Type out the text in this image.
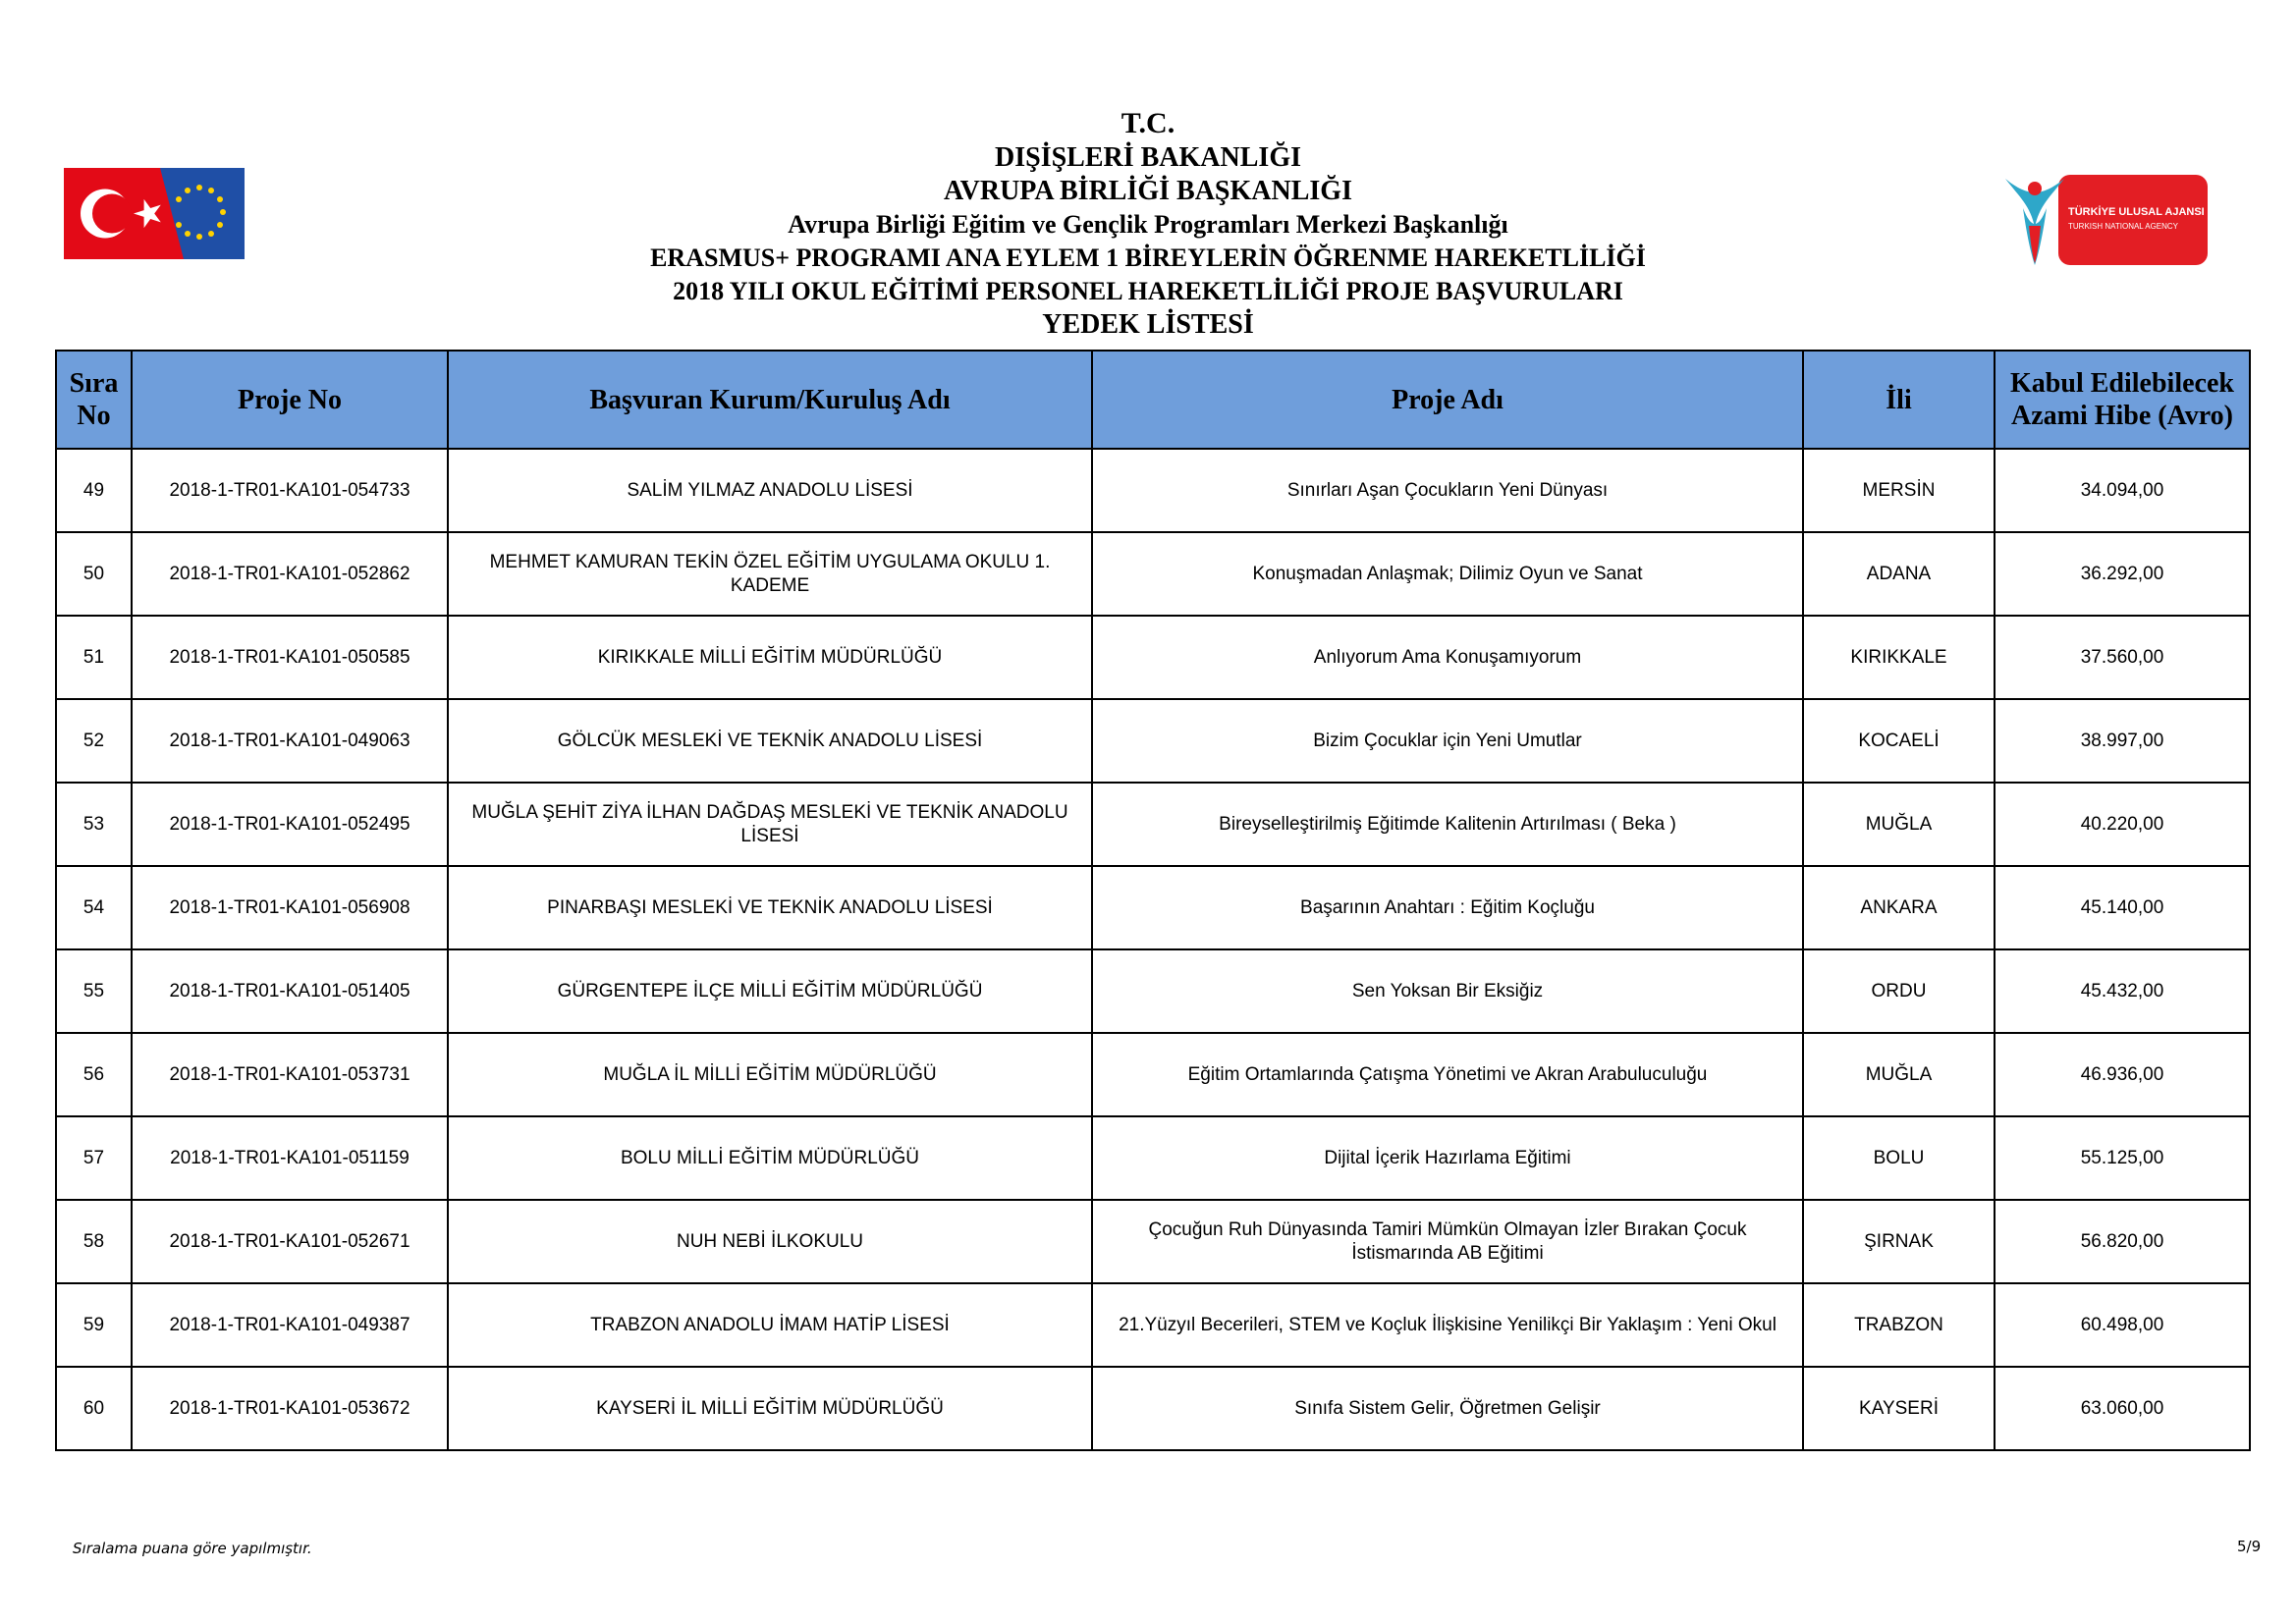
T.C.
DIŞİŞLERİ BAKANLIĞI
AVRUPA BİRLİĞİ BAŞKANLIĞI
Avrupa Birliği Eğitim ve Gençlik Programları Merkezi Başkanlığı
ERASMUS+ PROGRAMI ANA EYLEM 1 BİREYLERİN ÖĞRENME HAREKETLİLİĞİ
2018 YILI OKUL EĞİTİMİ PERSONEL HAREKETLİLİĞİ PROJE BAŞVURULARI
YEDEK LİSTESİ
TÜRKİYE ULUSAL AJANSI
TURKISH NATIONAL AGENCY
Sıra No	Proje No	Başvuran Kurum/Kuruluş Adı	Proje Adı	İli	Kabul Edilebilecek Azami Hibe (Avro)
49	2018-1-TR01-KA101-054733	SALİM YILMAZ ANADOLU LİSESİ	Sınırları Aşan Çocukların Yeni Dünyası	MERSİN	34.094,00
50	2018-1-TR01-KA101-052862	MEHMET KAMURAN TEKİN ÖZEL EĞİTİM UYGULAMA OKULU 1. KADEME	Konuşmadan Anlaşmak; Dilimiz Oyun ve Sanat	ADANA	36.292,00
51	2018-1-TR01-KA101-050585	KIRIKKALE MİLLİ EĞİTİM MÜDÜRLÜĞÜ	Anlıyorum Ama Konuşamıyorum	KIRIKKALE	37.560,00
52	2018-1-TR01-KA101-049063	GÖLCÜK MESLEKİ VE TEKNİK ANADOLU LİSESİ	Bizim Çocuklar için Yeni Umutlar	KOCAELİ	38.997,00
53	2018-1-TR01-KA101-052495	MUĞLA ŞEHİT ZİYA İLHAN DAĞDAŞ MESLEKİ VE TEKNİK ANADOLU LİSESİ	Bireyselleştirilmiş Eğitimde Kalitenin Artırılması ( Beka )	MUĞLA	40.220,00
54	2018-1-TR01-KA101-056908	PINARBAŞI MESLEKİ VE TEKNİK ANADOLU LİSESİ	Başarının Anahtarı : Eğitim Koçluğu	ANKARA	45.140,00
55	2018-1-TR01-KA101-051405	GÜRGENTEPE İLÇE MİLLİ EĞİTİM MÜDÜRLÜĞÜ	Sen Yoksan Bir Eksiğiz	ORDU	45.432,00
56	2018-1-TR01-KA101-053731	MUĞLA İL MİLLİ EĞİTİM MÜDÜRLÜĞÜ	Eğitim Ortamlarında Çatışma Yönetimi ve Akran Arabuluculuğu	MUĞLA	46.936,00
57	2018-1-TR01-KA101-051159	BOLU MİLLİ EĞİTİM MÜDÜRLÜĞÜ	Dijital İçerik Hazırlama Eğitimi	BOLU	55.125,00
58	2018-1-TR01-KA101-052671	NUH NEBİ İLKOKULU	Çocuğun Ruh Dünyasında Tamiri Mümkün Olmayan İzler Bırakan Çocuk İstismarında AB Eğitimi	ŞIRNAK	56.820,00
59	2018-1-TR01-KA101-049387	TRABZON ANADOLU İMAM HATİP LİSESİ	21.Yüzyıl Becerileri, STEM ve Koçluk İlişkisine Yenilikçi Bir Yaklaşım : Yeni Okul	TRABZON	60.498,00
60	2018-1-TR01-KA101-053672	KAYSERİ İL MİLLİ EĞİTİM MÜDÜRLÜĞÜ	Sınıfa Sistem Gelir, Öğretmen Gelişir	KAYSERİ	63.060,00
Sıralama puana göre yapılmıştır.	5/9
